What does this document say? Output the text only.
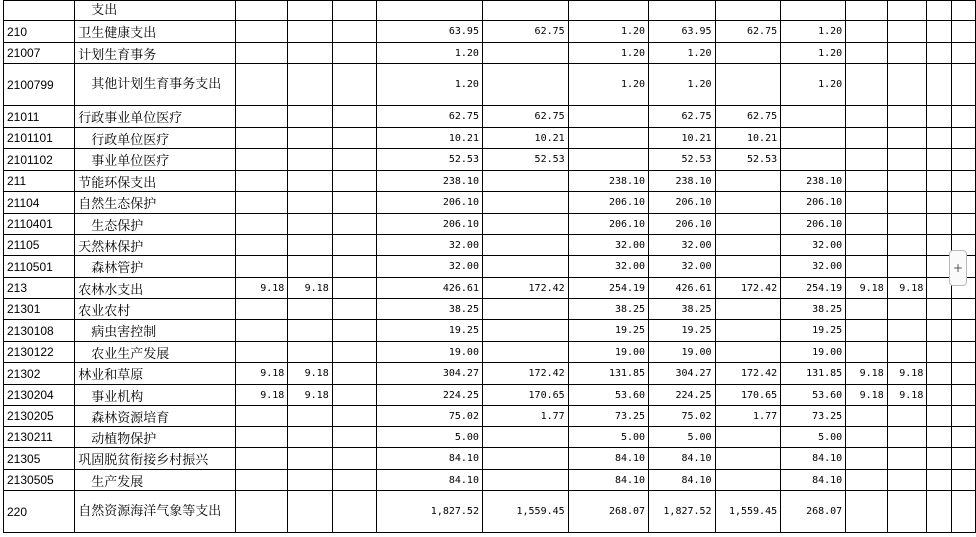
	支出													
210	卫生健康支出				63.95	62.75	1.20	63.95	62.75	1.20				
21007	计划生育事务				1.20		1.20	1.20		1.20				
2100799	其他计划生育事务支出				1.20		1.20	1.20		1.20				
21011	行政事业单位医疗				62.75	62.75		62.75	62.75					
2101101	行政单位医疗				10.21	10.21		10.21	10.21					
2101102	事业单位医疗				52.53	52.53		52.53	52.53					
211	节能环保支出				238.10		238.10	238.10		238.10				
21104	自然生态保护				206.10		206.10	206.10		206.10				
2110401	生态保护				206.10		206.10	206.10		206.10				
21105	天然林保护				32.00		32.00	32.00		32.00				
2110501	森林管护				32.00		32.00	32.00		32.00				
213	农林水支出	9.18	9.18		426.61	172.42	254.19	426.61	172.42	254.19	9.18	9.18		
21301	农业农村				38.25		38.25	38.25		38.25				
2130108	病虫害控制				19.25		19.25	19.25		19.25				
2130122	农业生产发展				19.00		19.00	19.00		19.00				
21302	林业和草原	9.18	9.18		304.27	172.42	131.85	304.27	172.42	131.85	9.18	9.18		
2130204	事业机构	9.18	9.18		224.25	170.65	53.60	224.25	170.65	53.60	9.18	9.18		
2130205	森林资源培育				75.02	1.77	73.25	75.02	1.77	73.25				
2130211	动植物保护				5.00		5.00	5.00		5.00				
21305	巩固脱贫衔接乡村振兴				84.10		84.10	84.10		84.10				
2130505	生产发展				84.10		84.10	84.10		84.10				
220	自然资源海洋气象等支出				1,827.52	1,559.45	268.07	1,827.52	1,559.45	268.07				
+
